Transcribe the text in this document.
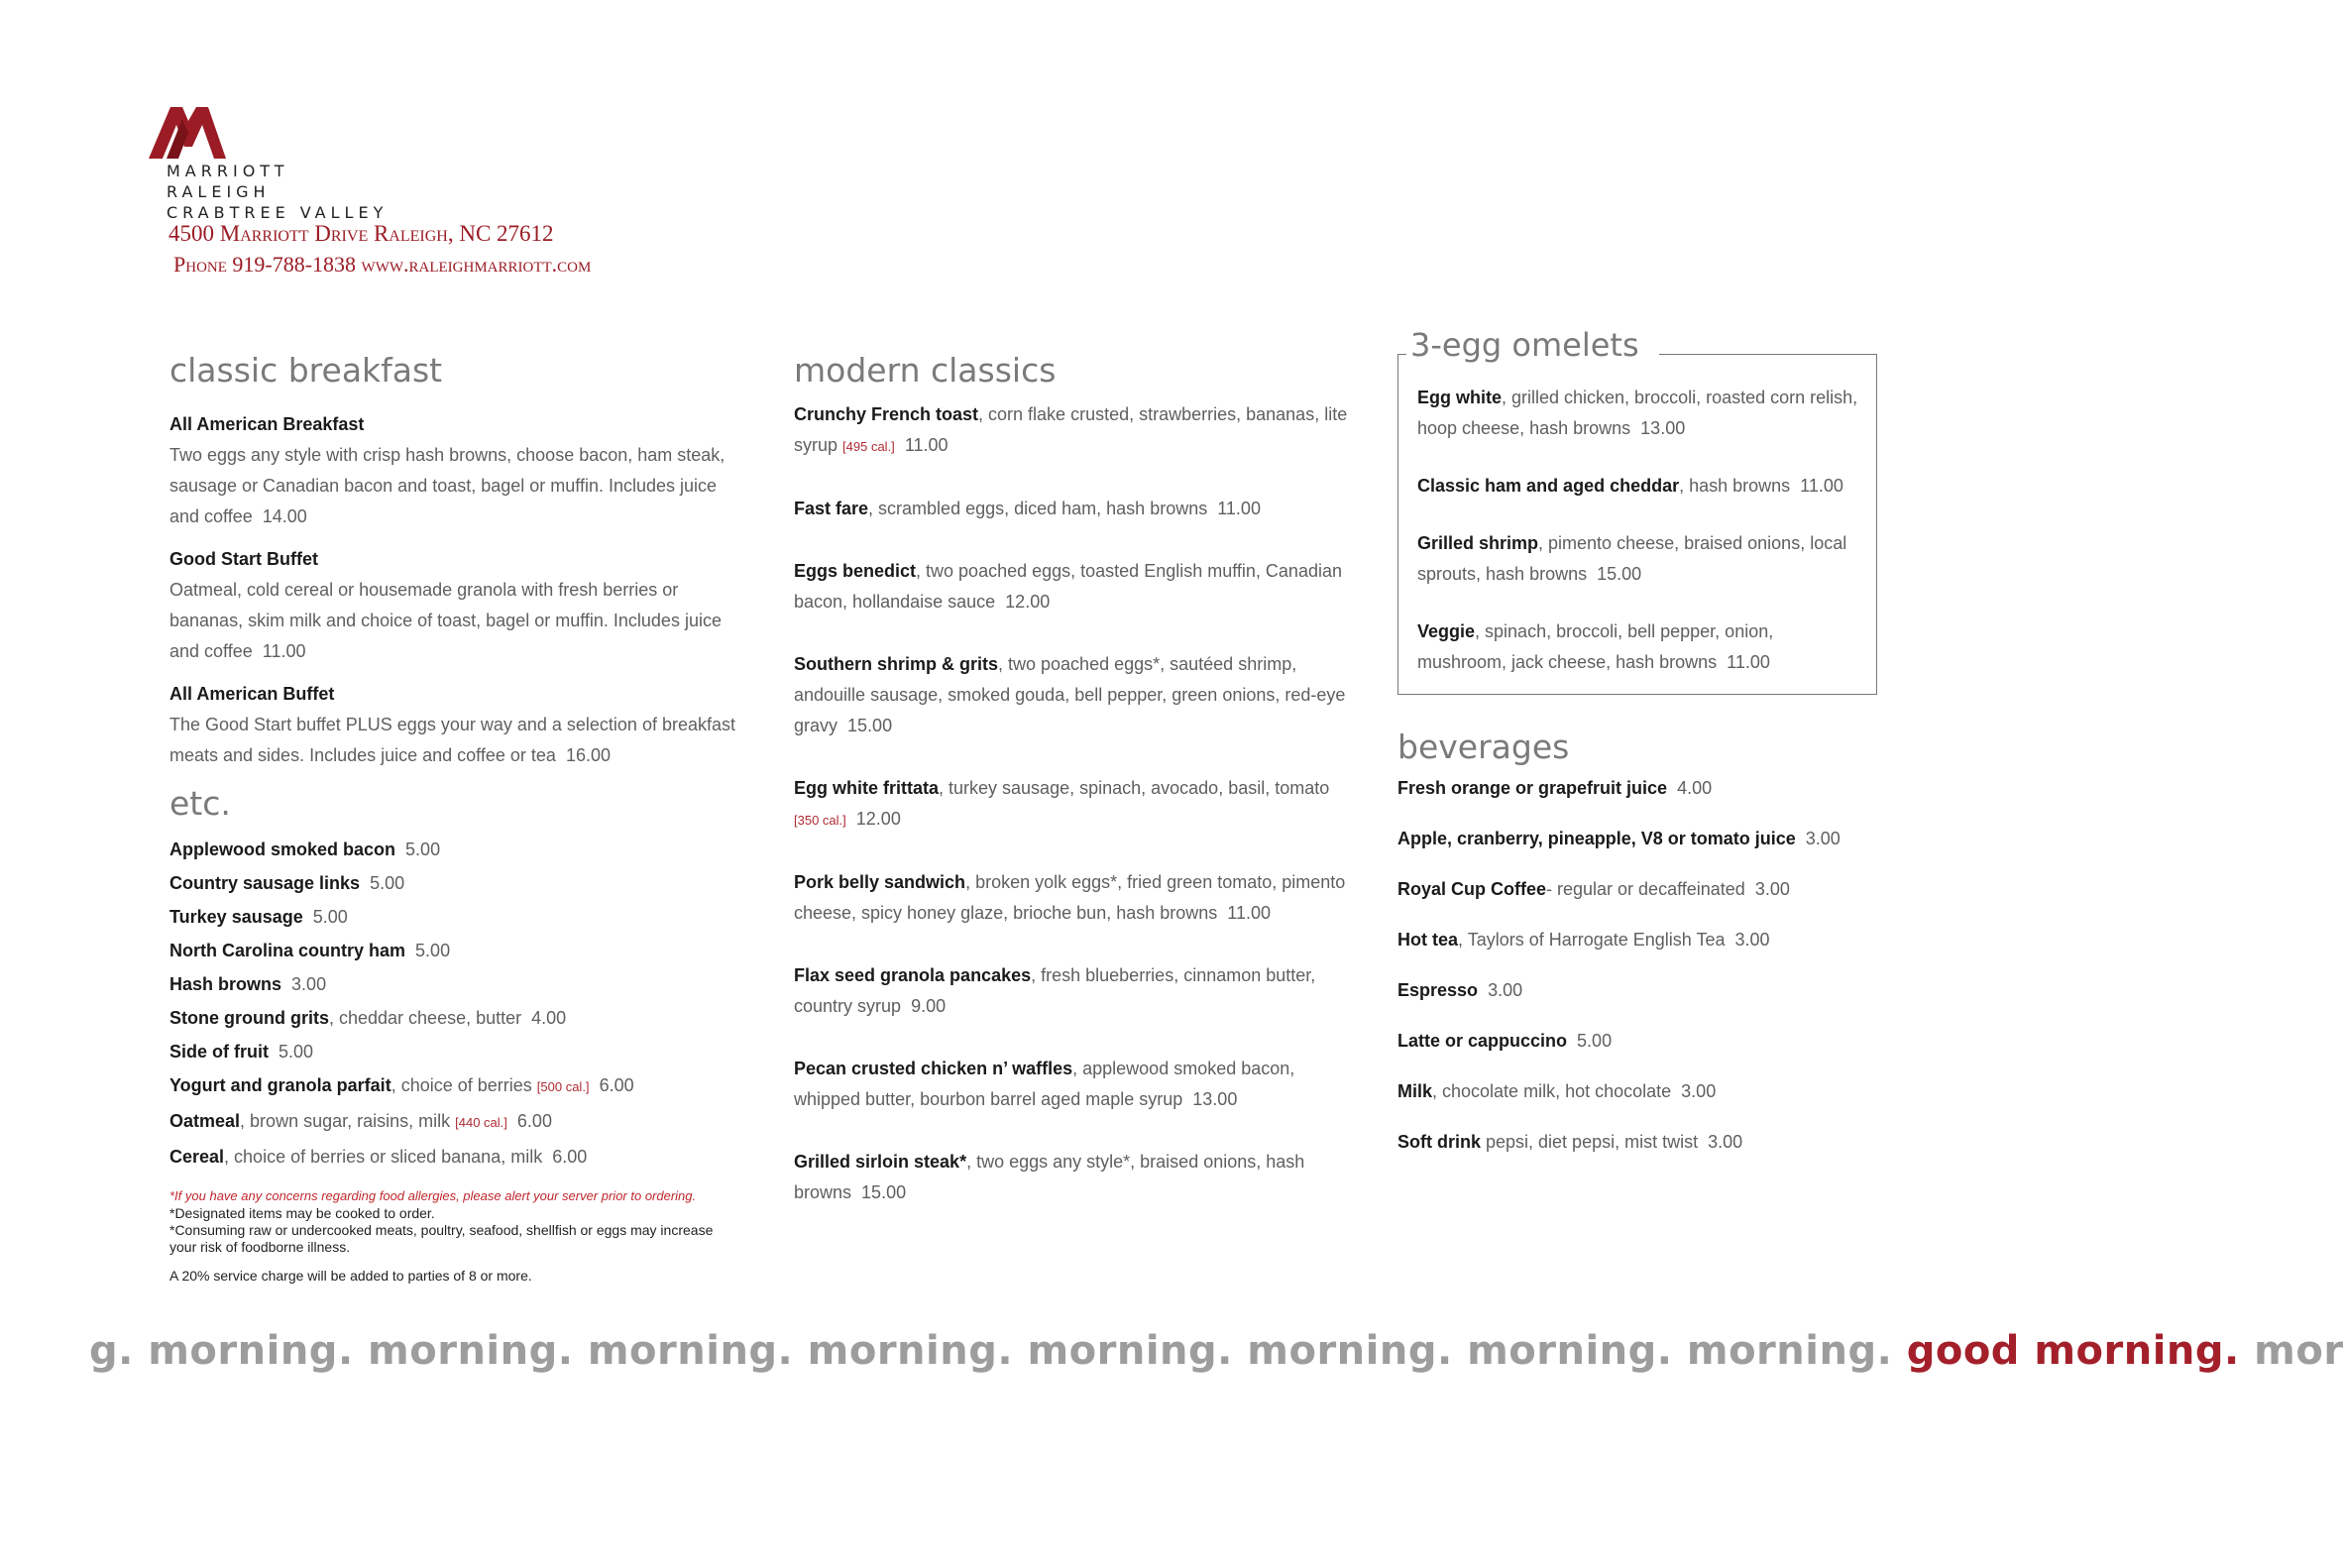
MARRIOTT
RALEIGH
CRABTREE VALLEY
4500 Marriott Drive Raleigh, NC 27612
Phone 919-788-1838 www.raleighmarriott.com
classic breakfast
All American Breakfast
Two eggs any style with crisp hash browns, choose bacon, ham steak, sausage or Canadian bacon and toast, bagel or muffin. Includes juice and coffee 14.00
Good Start Buffet
Oatmeal, cold cereal or housemade granola with fresh berries or bananas, skim milk and choice of toast, bagel or muffin. Includes juice and coffee 11.00
All American Buffet
The Good Start buffet PLUS eggs your way and a selection of breakfast meats and sides. Includes juice and coffee or tea 16.00
etc.
Applewood smoked bacon 5.00
Country sausage links 5.00
Turkey sausage 5.00
North Carolina country ham 5.00
Hash browns 3.00
Stone ground grits, cheddar cheese, butter 4.00
Side of fruit 5.00
Yogurt and granola parfait, choice of berries [500 cal.] 6.00
Oatmeal, brown sugar, raisins, milk [440 cal.] 6.00
Cereal, choice of berries or sliced banana, milk 6.00
*If you have any concerns regarding food allergies, please alert your server prior to ordering.
*Designated items may be cooked to order.
*Consuming raw or undercooked meats, poultry, seafood, shellfish or eggs may increase your risk of foodborne illness.
A 20% service charge will be added to parties of 8 or more.
modern classics
Crunchy French toast, corn flake crusted, strawberries, bananas, lite syrup [495 cal.] 11.00
Fast fare, scrambled eggs, diced ham, hash browns 11.00
Eggs benedict, two poached eggs, toasted English muffin, Canadian bacon, hollandaise sauce 12.00
Southern shrimp & grits, two poached eggs*, sautéed shrimp, andouille sausage, smoked gouda, bell pepper, green onions, red-eye gravy 15.00
Egg white frittata, turkey sausage, spinach, avocado, basil, tomato [350 cal.] 12.00
Pork belly sandwich, broken yolk eggs*, fried green tomato, pimento cheese, spicy honey glaze, brioche bun, hash browns 11.00
Flax seed granola pancakes, fresh blueberries, cinnamon butter, country syrup 9.00
Pecan crusted chicken n’ waffles, applewood smoked bacon, whipped butter, bourbon barrel aged maple syrup 13.00
Grilled sirloin steak*, two eggs any style*, braised onions, hash browns 15.00
3-egg omelets
Egg white, grilled chicken, broccoli, roasted corn relish, hoop cheese, hash browns 13.00
Classic ham and aged cheddar, hash browns 11.00
Grilled shrimp, pimento cheese, braised onions, local sprouts, hash browns 15.00
Veggie, spinach, broccoli, bell pepper, onion, mushroom, jack cheese, hash browns 11.00
beverages
Fresh orange or grapefruit juice 4.00
Apple, cranberry, pineapple, V8 or tomato juice 3.00
Royal Cup Coffee- regular or decaffeinated 3.00
Hot tea, Taylors of Harrogate English Tea 3.00
Espresso 3.00
Latte or cappuccino 5.00
Milk, chocolate milk, hot chocolate 3.00
Soft drink pepsi, diet pepsi, mist twist 3.00
g. morning. morning. morning. morning. morning. morning. morning. morning. good morning. mor
